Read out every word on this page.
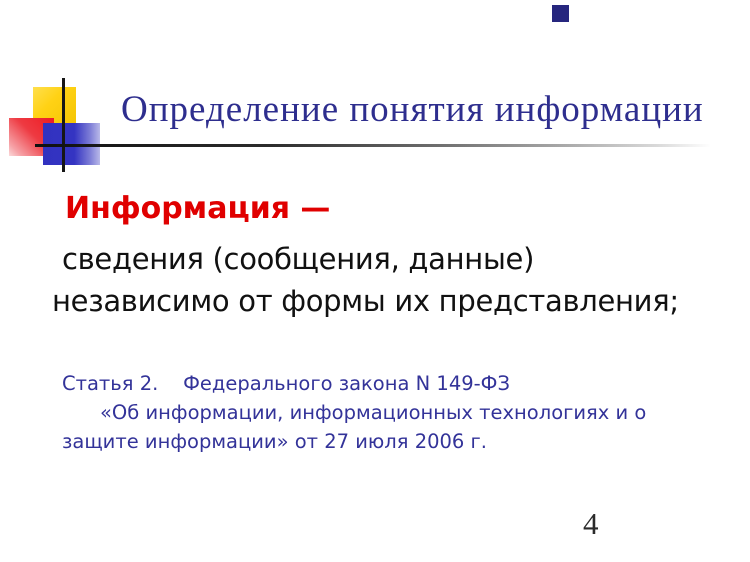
Определение понятия информации
Информация —
сведения (сообщения, данные)
независимо от формы их представления;
Статья 2.    Федерального закона N 149-ФЗ
«Об информации, информационных технологиях и о
защите информации» от 27 июля 2006 г.
4
